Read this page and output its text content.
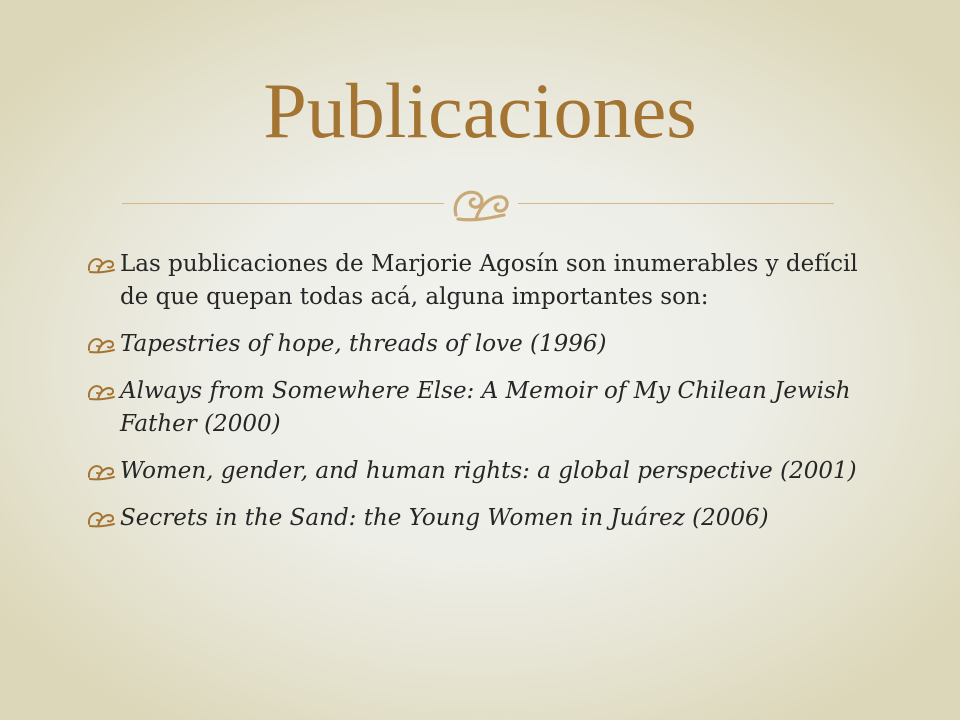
Publicaciones
Las publicaciones de Marjorie Agosín son inumerables y defícil de que quepan todas acá, alguna importantes son:
Tapestries of hope, threads of love (1996)
Always from Somewhere Else: A Memoir of My Chilean Jewish Father (2000)
Women, gender, and human rights: a global perspective (2001)
Secrets in the Sand: the Young Women in Juárez (2006)
